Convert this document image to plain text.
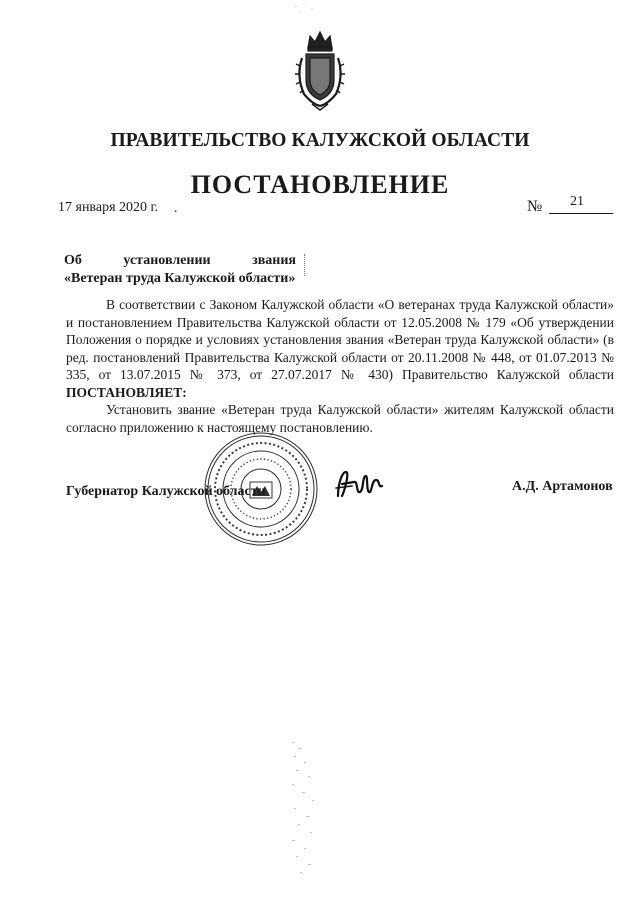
ПРАВИТЕЛЬСТВО КАЛУЖСКОЙ ОБЛАСТИ
ПОСТАНОВЛЕНИЕ
17 января 2020 г. .	№ 21
Об	установлении	звания
«Ветеран труда Калужской области»

В соответствии с Законом Калужской области «О ветеранах труда Калужской области» и постановлением Правительства Калужской области от 12.05.2008 № 179 «Об утверждении Положения о порядке и условиях установления звания «Ветеран труда Калужской области» (в ред. постановлений Правительства Калужской области от 20.11.2008 № 448, от 01.07.2013 № 335, от 13.07.2015 № 373, от 27.07.2017 № 430) Правительство Калужской области ПОСТАНОВЛЯЕТ:

Установить звание «Ветеран труда Калужской области» жителям Калужской области согласно приложению к настоящему постановлению.

Губернатор Калужской области	А.Д. Артамонов
